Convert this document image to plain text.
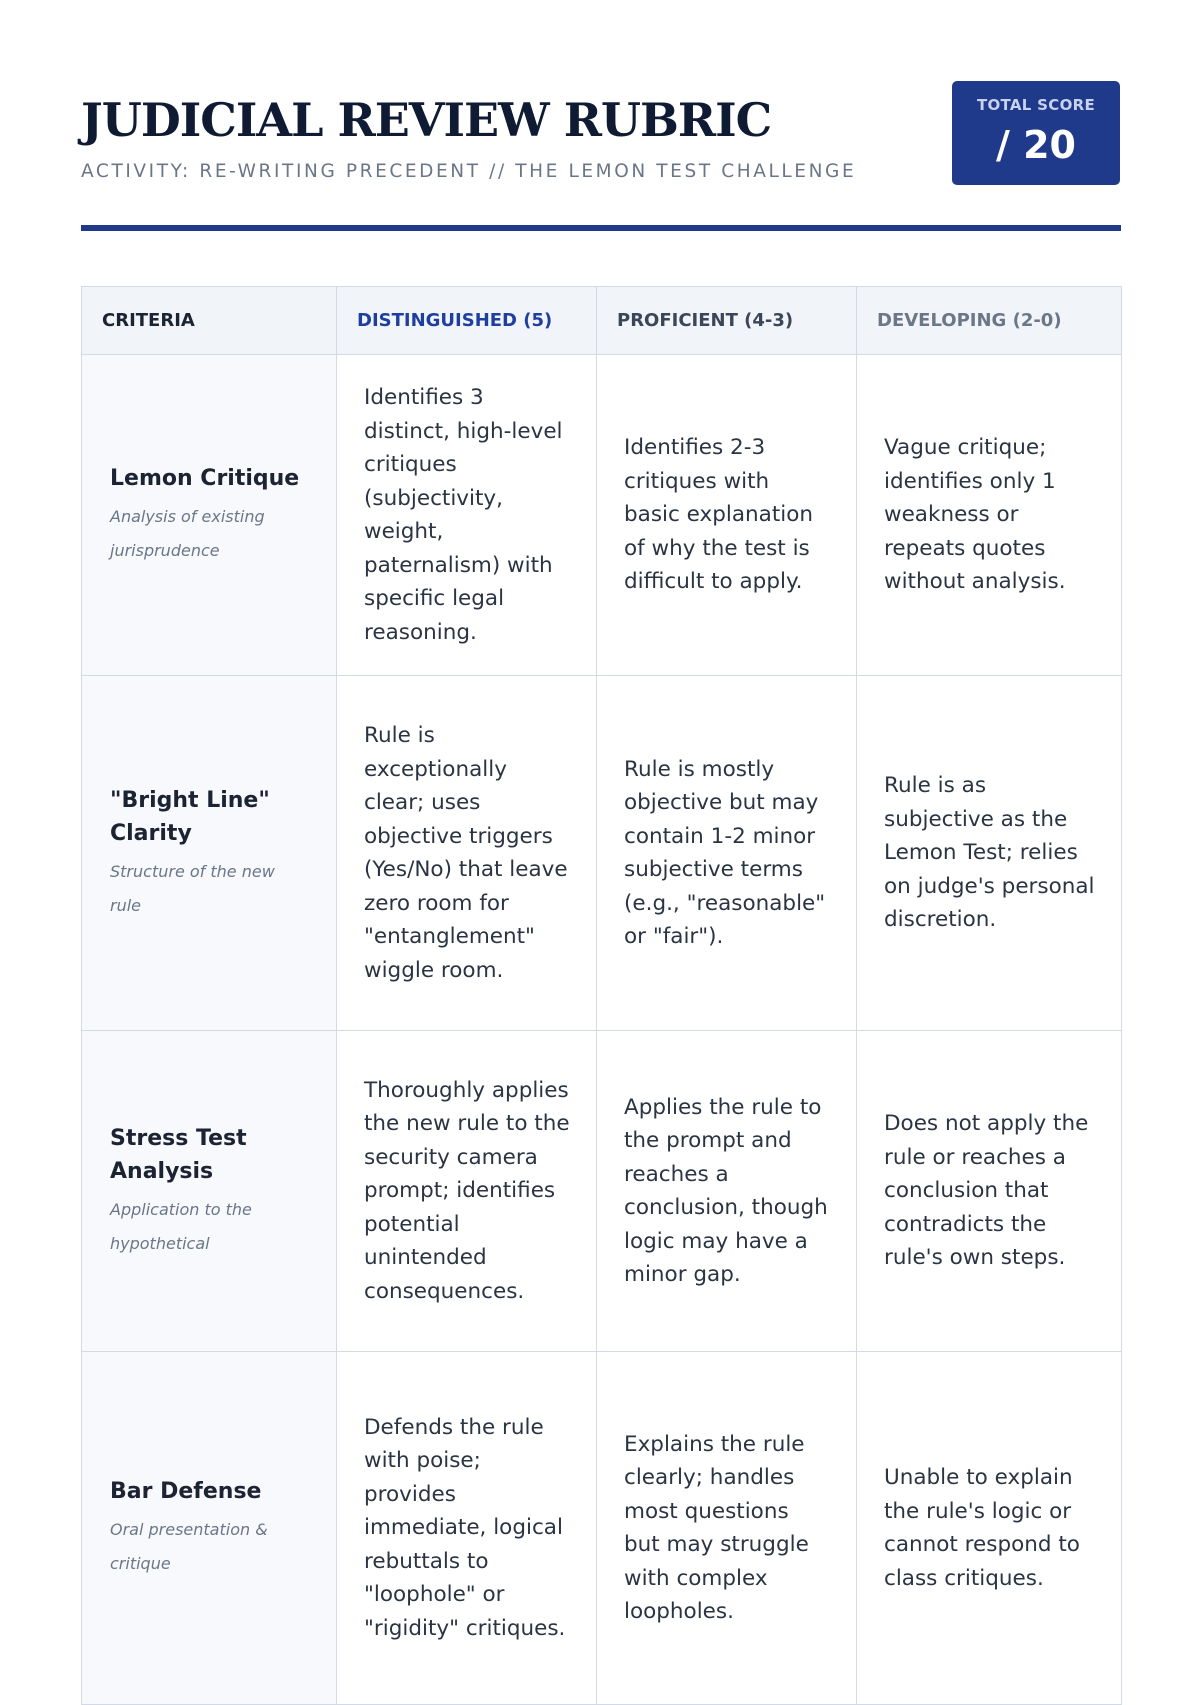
JUDICIAL REVIEW RUBRIC
ACTIVITY: RE-WRITING PRECEDENT // THE LEMON TEST CHALLENGE
TOTAL SCORE
/ 20
CRITERIA	DISTINGUISHED (5)	PROFICIENT (4-3)	DEVELOPING (2-0)

Lemon Critique
Analysis of existing jurisprudence	Identifies 3 distinct, high-level critiques (subjectivity, weight, paternalism) with specific legal reasoning.	Identifies 2-3 critiques with basic explanation of why the test is difficult to apply.	Vague critique; identifies only 1 weakness or repeats quotes without analysis.

"Bright Line" Clarity
Structure of the new rule	Rule is exceptionally clear; uses objective triggers (Yes/No) that leave zero room for "entanglement" wiggle room.	Rule is mostly objective but may contain 1-2 minor subjective terms (e.g., "reasonable" or "fair").	Rule is as subjective as the Lemon Test; relies on judge's personal discretion.

Stress Test Analysis
Application to the hypothetical	Thoroughly applies the new rule to the security camera prompt; identifies potential unintended consequences.	Applies the rule to the prompt and reaches a conclusion, though logic may have a minor gap.	Does not apply the rule or reaches a conclusion that contradicts the rule's own steps.

Bar Defense
Oral presentation & critique	Defends the rule with poise; provides immediate, logical rebuttals to "loophole" or "rigidity" critiques.	Explains the rule clearly; handles most questions but may struggle with complex loopholes.	Unable to explain the rule's logic or cannot respond to class critiques.
